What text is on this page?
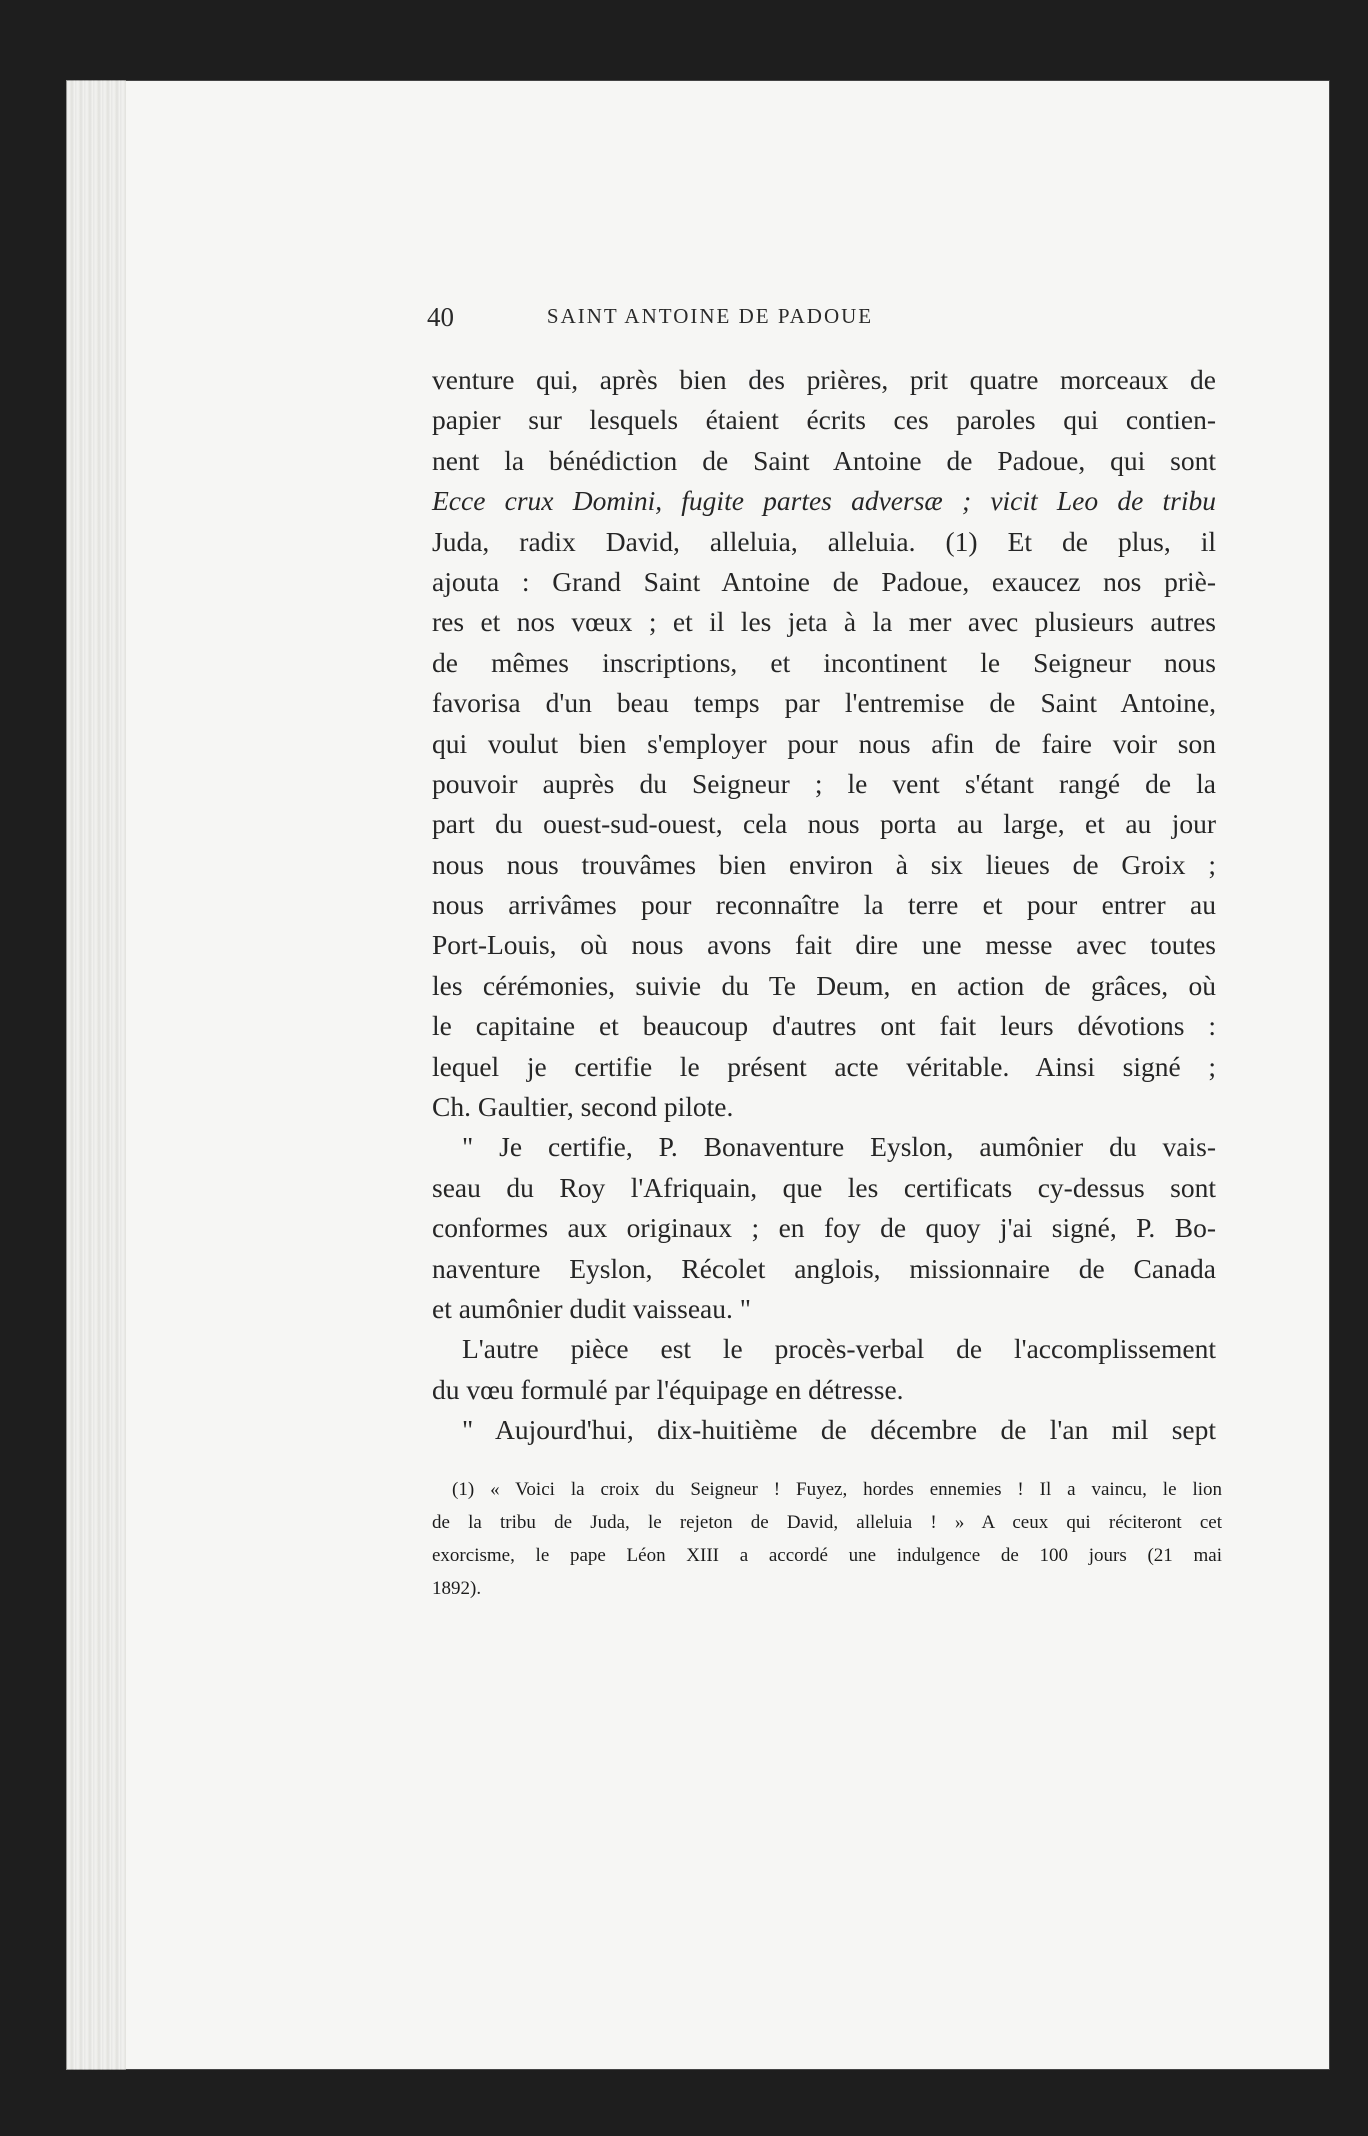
40	SAINT ANTOINE DE PADOUE
venture qui, après bien des prières, prit quatre morceaux de
papier sur lesquels étaient écrits ces paroles qui contien-
nent la bénédiction de Saint Antoine de Padoue, qui sont
Ecce crux Domini, fugite partes adversæ ; vicit Leo de tribu
Juda, radix David, alleluia, alleluia. (1) Et de plus, il
ajouta : Grand Saint Antoine de Padoue, exaucez nos priè-
res et nos vœux ; et il les jeta à la mer avec plusieurs autres
de mêmes inscriptions, et incontinent le Seigneur nous
favorisa d'un beau temps par l'entremise de Saint Antoine,
qui voulut bien s'employer pour nous afin de faire voir son
pouvoir auprès du Seigneur ; le vent s'étant rangé de la
part du ouest-sud-ouest, cela nous porta au large, et au jour
nous nous trouvâmes bien environ à six lieues de Groix ;
nous arrivâmes pour reconnaître la terre et pour entrer au
Port-Louis, où nous avons fait dire une messe avec toutes
les cérémonies, suivie du Te Deum, en action de grâces, où
le capitaine et beaucoup d'autres ont fait leurs dévotions :
lequel je certifie le présent acte véritable. Ainsi signé ;
Ch. Gaultier, second pilote.
" Je certifie, P. Bonaventure Eyslon, aumônier du vais-
seau du Roy l'Afriquain, que les certificats cy-dessus sont
conformes aux originaux ; en foy de quoy j'ai signé, P. Bo-
naventure Eyslon, Récolet anglois, missionnaire de Canada
et aumônier dudit vaisseau. "
L'autre pièce est le procès-verbal de l'accomplissement
du vœu formulé par l'équipage en détresse.
" Aujourd'hui, dix-huitième de décembre de l'an mil sept
(1) « Voici la croix du Seigneur ! Fuyez, hordes ennemies ! Il a vaincu, le lion
de la tribu de Juda, le rejeton de David, alleluia ! » A ceux qui réciteront cet
exorcisme, le pape Léon XIII a accordé une indulgence de 100 jours (21 mai
1892).
